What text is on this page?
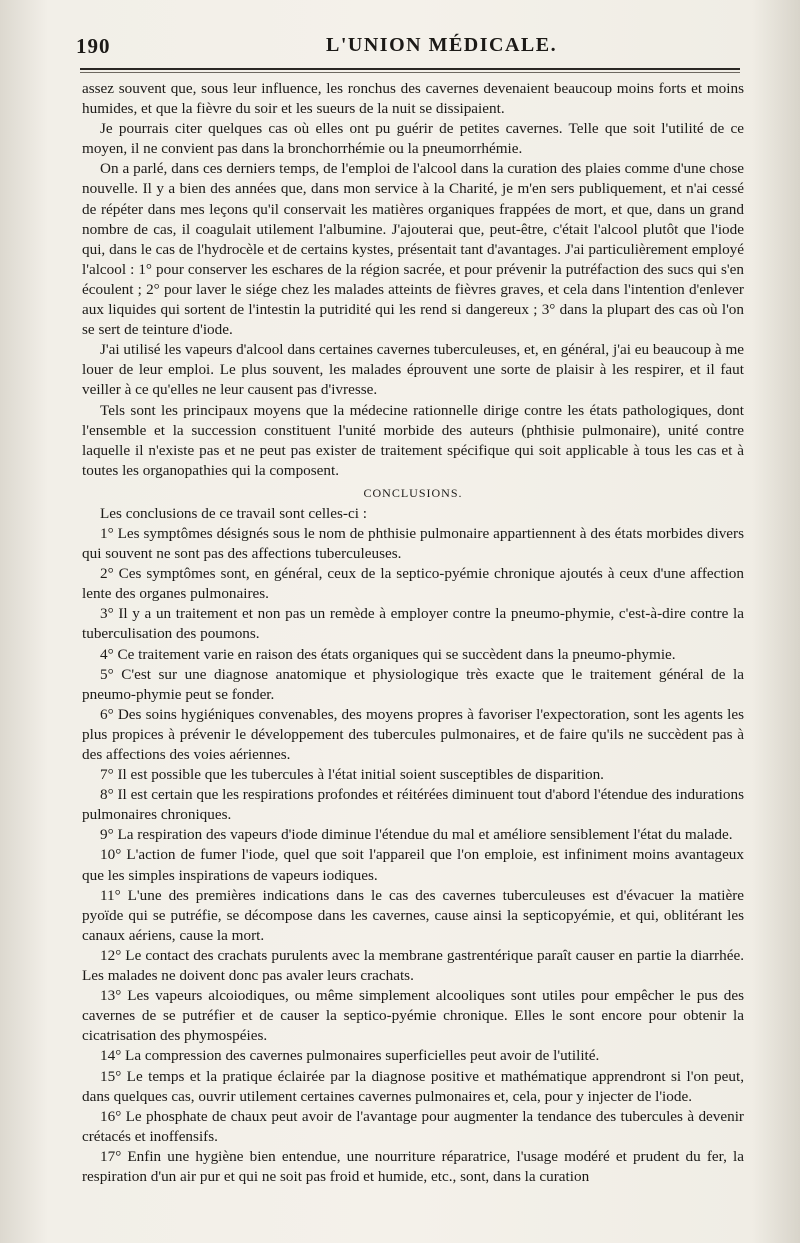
190	L'UNION MÉDICALE.

assez souvent que, sous leur influence, les ronchus des cavernes devenaient beaucoup moins forts et moins humides, et que la fièvre du soir et les sueurs de la nuit se dissipaient.

Je pourrais citer quelques cas où elles ont pu guérir de petites cavernes. Telle que soit l'utilité de ce moyen, il ne convient pas dans la bronchorrhémie ou la pneumorrhémie.

On a parlé, dans ces derniers temps, de l'emploi de l'alcool dans la curation des plaies comme d'une chose nouvelle. Il y a bien des années que, dans mon service à la Charité, je m'en sers publiquement, et n'ai cessé de répéter dans mes leçons qu'il conservait les matières organiques frappées de mort, et que, dans un grand nombre de cas, il coagulait utilement l'albumine. J'ajouterai que, peut-être, c'était l'alcool plutôt que l'iode qui, dans le cas de l'hydrocèle et de certains kystes, présentait tant d'avantages. J'ai particulièrement employé l'alcool : 1° pour conserver les eschares de la région sacrée, et pour prévenir la putréfaction des sucs qui s'en écoulent ; 2° pour laver le siége chez les malades atteints de fièvres graves, et cela dans l'intention d'enlever aux liquides qui sortent de l'intestin la putridité qui les rend si dangereux ; 3° dans la plupart des cas où l'on se sert de teinture d'iode.

J'ai utilisé les vapeurs d'alcool dans certaines cavernes tuberculeuses, et, en général, j'ai eu beaucoup à me louer de leur emploi. Le plus souvent, les malades éprouvent une sorte de plaisir à les respirer, et il faut veiller à ce qu'elles ne leur causent pas d'ivresse.

Tels sont les principaux moyens que la médecine rationnelle dirige contre les états pathologiques, dont l'ensemble et la succession constituent l'unité morbide des auteurs (phthisie pulmonaire), unité contre laquelle il n'existe pas et ne peut pas exister de traitement spécifique qui soit applicable à tous les cas et à toutes les organopathies qui la composent.

CONCLUSIONS.

Les conclusions de ce travail sont celles-ci :

1° Les symptômes désignés sous le nom de phthisie pulmonaire appartiennent à des états morbides divers qui souvent ne sont pas des affections tuberculeuses.

2° Ces symptômes sont, en général, ceux de la septico-pyémie chronique ajoutés à ceux d'une affection lente des organes pulmonaires.

3° Il y a un traitement et non pas un remède à employer contre la pneumo-phymie, c'est-à-dire contre la tuberculisation des poumons.

4° Ce traitement varie en raison des états organiques qui se succèdent dans la pneumo-phymie.

5° C'est sur une diagnose anatomique et physiologique très exacte que le traitement général de la pneumo-phymie peut se fonder.

6° Des soins hygiéniques convenables, des moyens propres à favoriser l'expectoration, sont les agents les plus propices à prévenir le développement des tubercules pulmonaires, et de faire qu'ils ne succèdent pas à des affections des voies aériennes.

7° Il est possible que les tubercules à l'état initial soient susceptibles de disparition.

8° Il est certain que les respirations profondes et réitérées diminuent tout d'abord l'étendue des indurations pulmonaires chroniques.

9° La respiration des vapeurs d'iode diminue l'étendue du mal et améliore sensiblement l'état du malade.

10° L'action de fumer l'iode, quel que soit l'appareil que l'on emploie, est infiniment moins avantageux que les simples inspirations de vapeurs iodiques.

11° L'une des premières indications dans le cas des cavernes tuberculeuses est d'évacuer la matière pyoïde qui se putréfie, se décompose dans les cavernes, cause ainsi la septicopyémie, et qui, oblitérant les canaux aériens, cause la mort.

12° Le contact des crachats purulents avec la membrane gastrentérique paraît causer en partie la diarrhée. Les malades ne doivent donc pas avaler leurs crachats.

13° Les vapeurs alcoiodiques, ou même simplement alcooliques sont utiles pour empêcher le pus des cavernes de se putréfier et de causer la septico-pyémie chronique. Elles le sont encore pour obtenir la cicatrisation des phymospéies.

14° La compression des cavernes pulmonaires superficielles peut avoir de l'utilité.

15° Le temps et la pratique éclairée par la diagnose positive et mathématique apprendront si l'on peut, dans quelques cas, ouvrir utilement certaines cavernes pulmonaires et, cela, pour y injecter de l'iode.

16° Le phosphate de chaux peut avoir de l'avantage pour augmenter la tendance des tubercules à devenir crétacés et inoffensifs.

17° Enfin une hygiène bien entendue, une nourriture réparatrice, l'usage modéré et prudent du fer, la respiration d'un air pur et qui ne soit pas froid et humide, etc., sont, dans la curation
